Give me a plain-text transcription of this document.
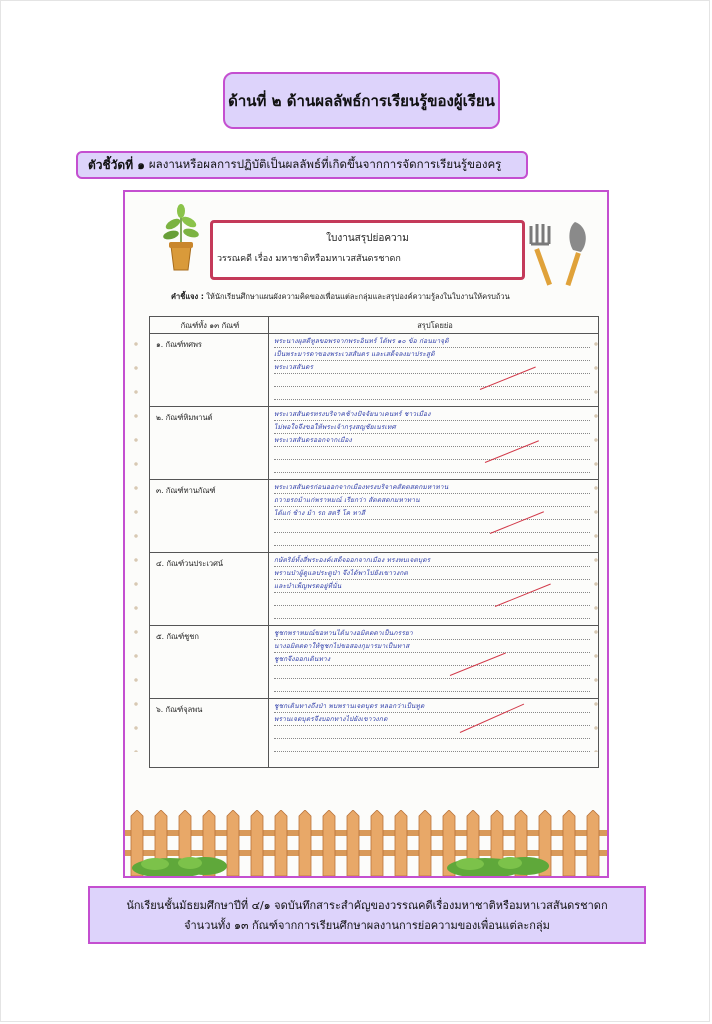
ด้านที่ ๒ ด้านผลลัพธ์การเรียนรู้ของผู้เรียน
ตัวชี้วัดที่ ๑ ผลงานหรือผลการปฏิบัติเป็นผลลัพธ์ที่เกิดขึ้นจากการจัดการเรียนรู้ของครู
ใบงานสรุปย่อความ
วรรณคดี เรื่อง มหาชาติหรือมหาเวสสันดรชาดก
คำชี้แจง : ให้นักเรียนศึกษาแผนผังความคิดของเพื่อนแต่ละกลุ่มและสรุปองค์ความรู้ลงในใบงานให้ครบถ้วน
กัณฑ์ทั้ง ๑๓ กัณฑ์	สรุปโดยย่อ
๑. กัณฑ์ทศพร	พระนางผุสดีทูลขอพรจากพระอินทร์ ได้พร ๑๐ ข้อ ก่อนมาจุติ
เป็นพระมารดาของพระเวสสันดร และเสด็จลงมาประสูติ
พระเวสสันดร
๒. กัณฑ์หิมพานต์	พระเวสสันดรทรงบริจาคช้างปัจจัยนาเคนทร์ ชาวเมือง
ไม่พอใจจึงขอให้พระเจ้ากรุงสญชัยเนรเทศ
พระเวสสันดรออกจากเมือง
๓. กัณฑ์ทานกัณฑ์	พระเวสสันดรก่อนออกจากเมืองทรงบริจาคสัตตสดกมหาทาน
ถวายรถม้าแก่พราหมณ์ เรียกว่า สัตตสดกมหาทาน
ได้แก่ ช้าง ม้า รถ สตรี โค ทาสี
๔. กัณฑ์วนประเวศน์	กษัตริย์ทั้งสี่พระองค์เสด็จออกจากเมือง ทรงพบเจตบุตร
พรานป่าผู้ดูแลประตูป่า จึงได้พาไปยังเขาวงกต
และบำเพ็ญพรตอยู่ที่นั่น
๕. กัณฑ์ชูชก	ชูชกพราหมณ์ขอทานได้นางอมิตตดาเป็นภรรยา
นางอมิตตดาให้ชูชกไปขอสองกุมารมาเป็นทาส
ชูชกจึงออกเดินทาง
๖. กัณฑ์จุลพน	ชูชกเดินทางถึงป่า พบพรานเจตบุตร หลอกว่าเป็นทูต
พรานเจตบุตรจึงบอกทางไปยังเขาวงกต
นักเรียนชั้นมัธยมศึกษาปีที่ ๔/๑ จดบันทึกสาระสำคัญของวรรณคดีเรื่องมหาชาติหรือมหาเวสสันดรชาดก
จำนวนทั้ง ๑๓ กัณฑ์จากการเรียนศึกษาผลงานการย่อความของเพื่อนแต่ละกลุ่ม
